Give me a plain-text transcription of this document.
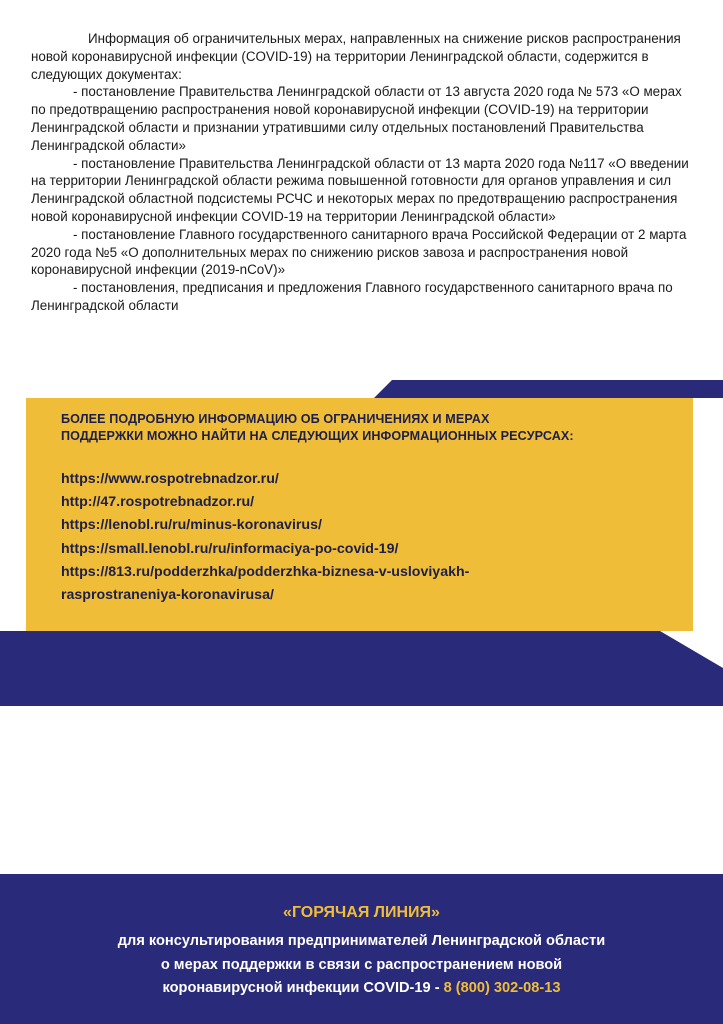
Информация об ограничительных мерах, направленных на снижение рисков распространения новой коронавирусной инфекции (COVID-19) на территории Ленинградской области, содержится в следующих документах:

- постановление Правительства Ленинградской области от 13 августа 2020 года № 573 «О мерах по предотвращению распространения новой коронавирусной инфекции (COVID-19) на территории Ленинградской области и признании утратившими силу отдельных постановлений Правительства Ленинградской области»

- постановление Правительства Ленинградской области от 13 марта 2020 года №117 «О введении на территории Ленинградской области режима повышенной готовности для органов управления и сил Ленинградской областной подсистемы РСЧС и некоторых мерах по предотвращению распространения новой коронавирусной инфекции COVID-19 на территории Ленинградской области»

- постановление Главного государственного санитарного врача Российской Федерации от 2 марта 2020 года №5 «О дополнительных мерах по снижению рисков завоза и распространения новой коронавирусной инфекции (2019-nCoV)»

- постановления, предписания и предложения Главного государственного санитарного врача по Ленинградской области

БОЛЕЕ ПОДРОБНУЮ ИНФОРМАЦИЮ ОБ ОГРАНИЧЕНИЯХ И МЕРАХ
ПОДДЕРЖКИ МОЖНО НАЙТИ НА СЛЕДУЮЩИХ ИНФОРМАЦИОННЫХ РЕСУРСАХ:
https://www.rospotrebnadzor.ru/
http://47.rospotrebnadzor.ru/
https://lenobl.ru/ru/minus-koronavirus/
https://small.lenobl.ru/ru/informaciya-po-covid-19/
https://813.ru/podderzhka/podderzhka-biznesa-v-usloviyakh-
rasprostraneniya-koronavirusa/
«ГОРЯЧАЯ ЛИНИЯ»
для консультирования предпринимателей Ленинградской области
о мерах поддержки в связи с распространением новой
коронавирусной инфекции COVID-19 - 8 (800) 302-08-13
